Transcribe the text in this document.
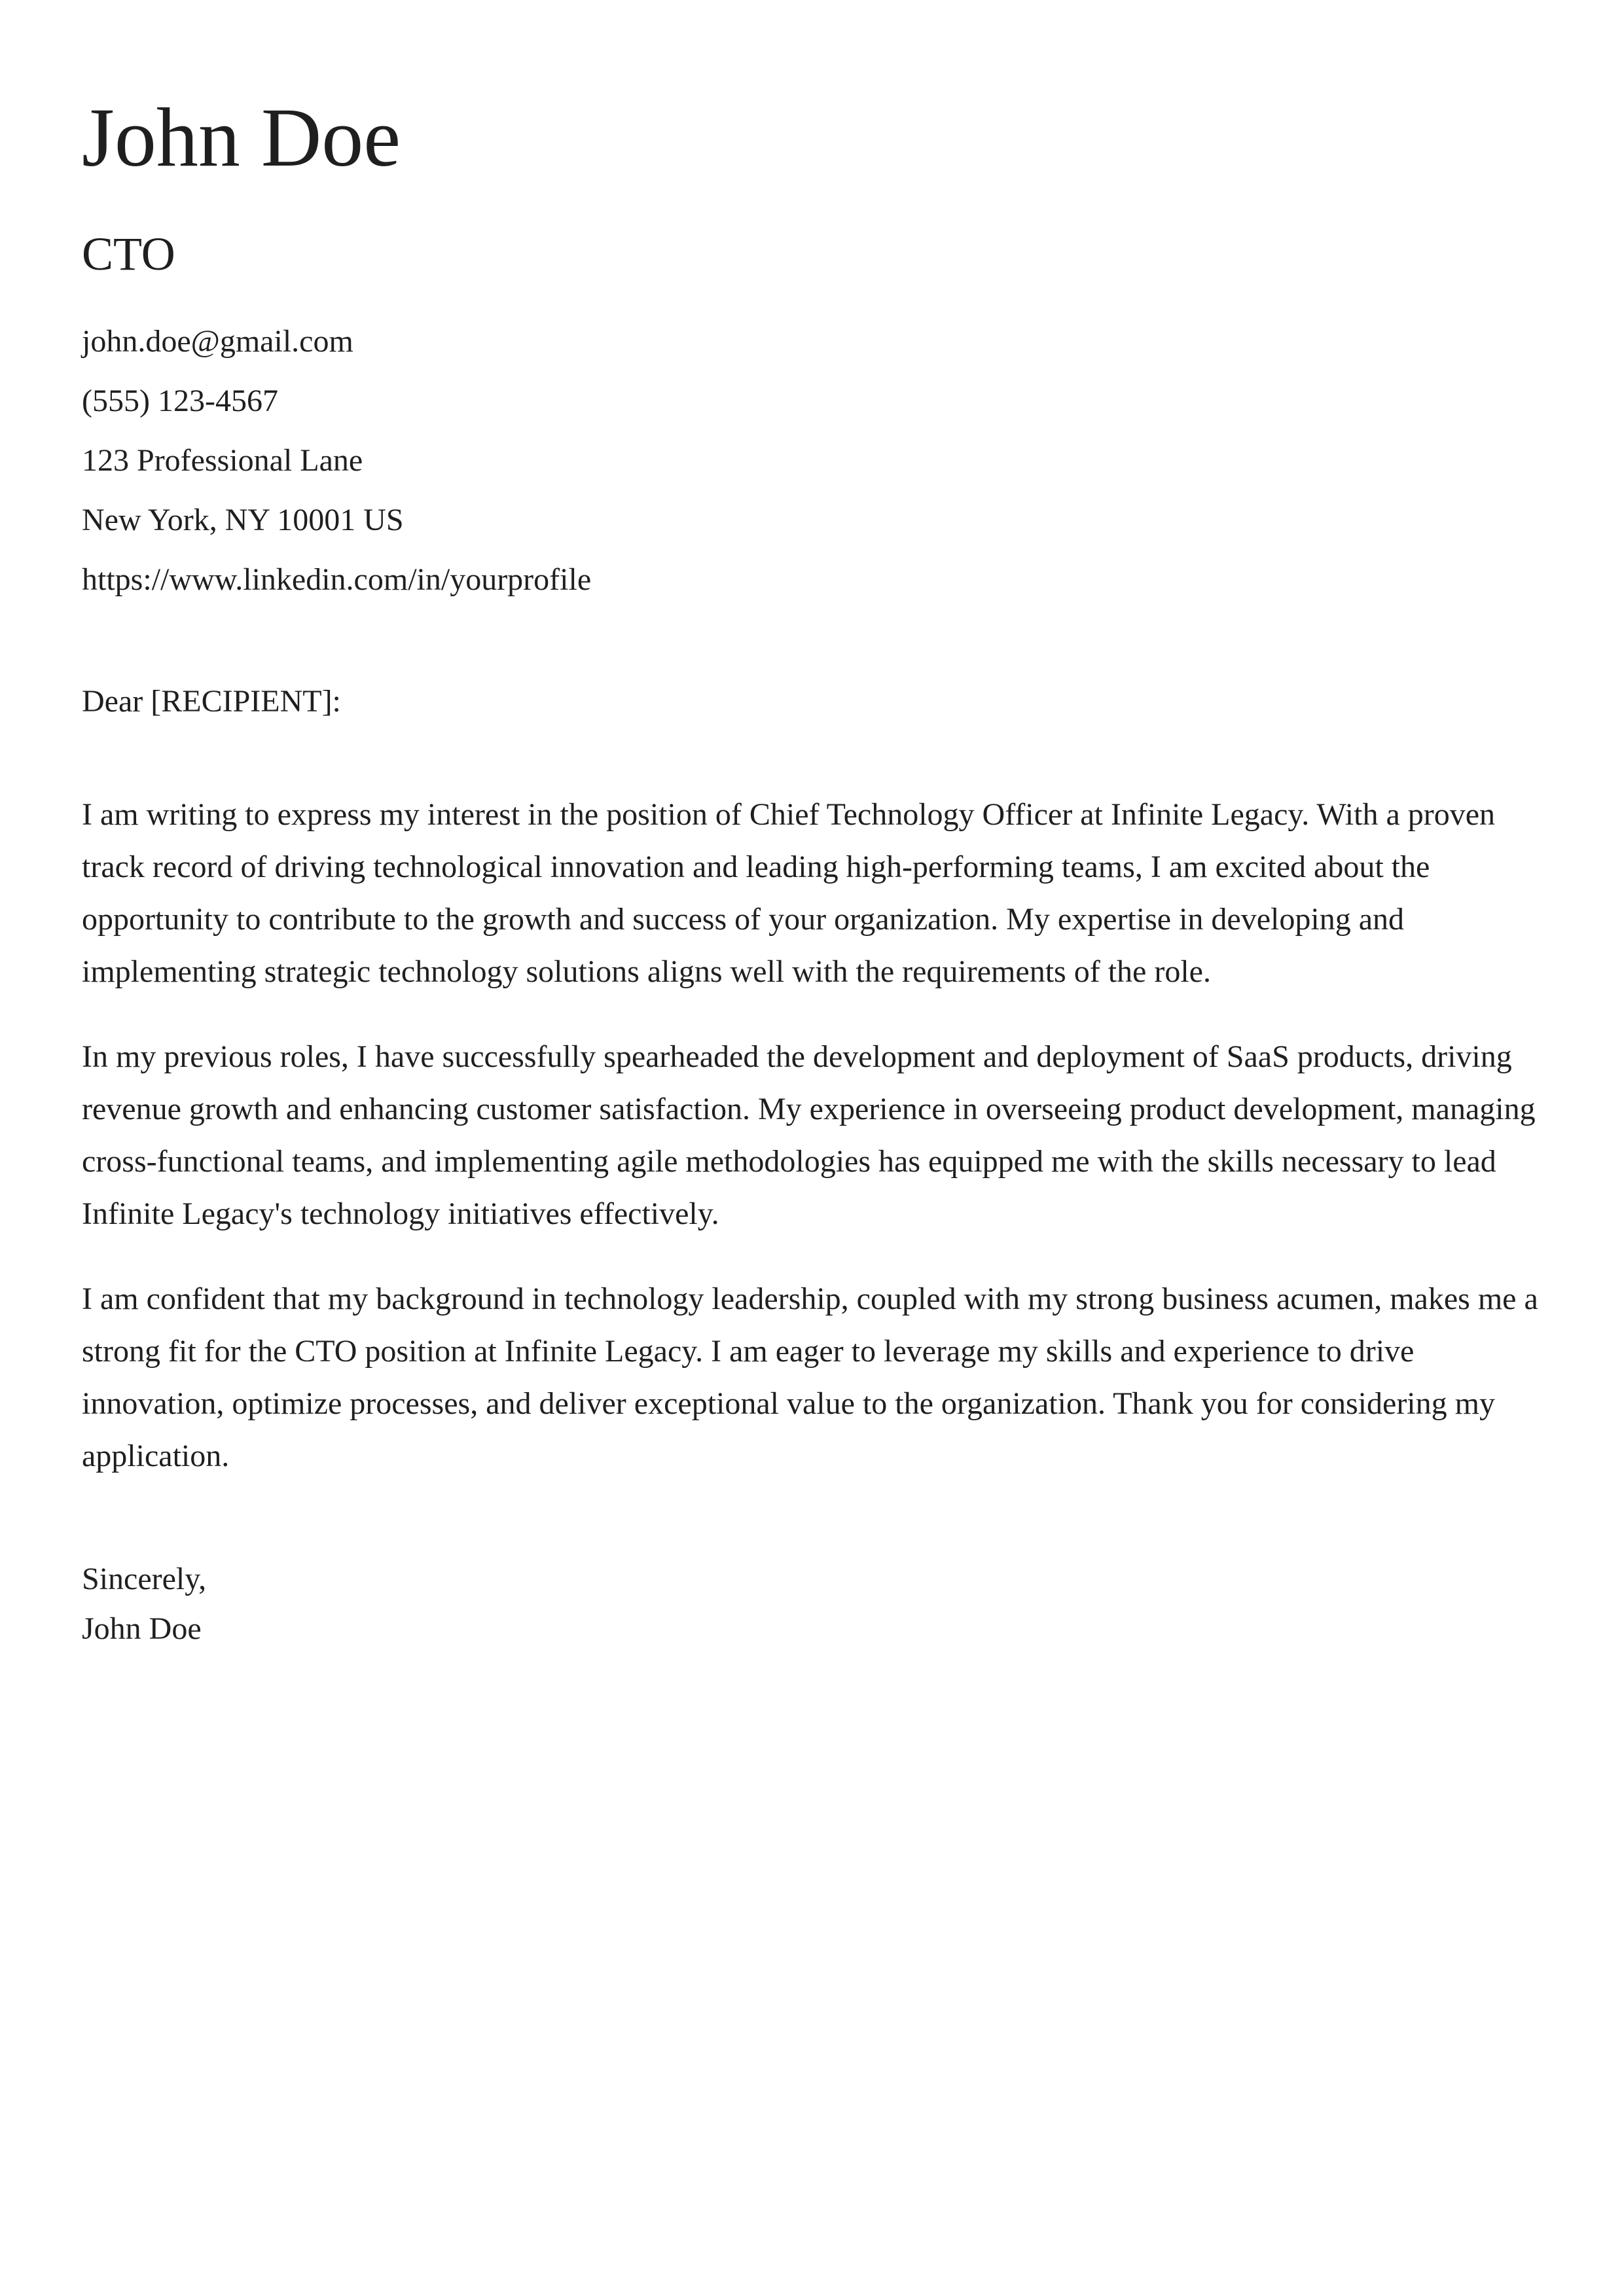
John Doe
CTO
john.doe@gmail.com
(555) 123-4567
123 Professional Lane
New York, NY 10001 US
https://www.linkedin.com/in/yourprofile
Dear [RECIPIENT]:

I am writing to express my interest in the position of Chief Technology Officer at Infinite Legacy. With a proven track record of driving technological innovation and leading high-performing teams, I am excited about the opportunity to contribute to the growth and success of your organization. My expertise in developing and implementing strategic technology solutions aligns well with the requirements of the role.

In my previous roles, I have successfully spearheaded the development and deployment of SaaS products, driving revenue growth and enhancing customer satisfaction. My experience in overseeing product development, managing cross-functional teams, and implementing agile methodologies has equipped me with the skills necessary to lead Infinite Legacy's technology initiatives effectively.

I am confident that my background in technology leadership, coupled with my strong business acumen, makes me a strong fit for the CTO position at Infinite Legacy. I am eager to leverage my skills and experience to drive innovation, optimize processes, and deliver exceptional value to the organization. Thank you for considering my application.

Sincerely,
John Doe
